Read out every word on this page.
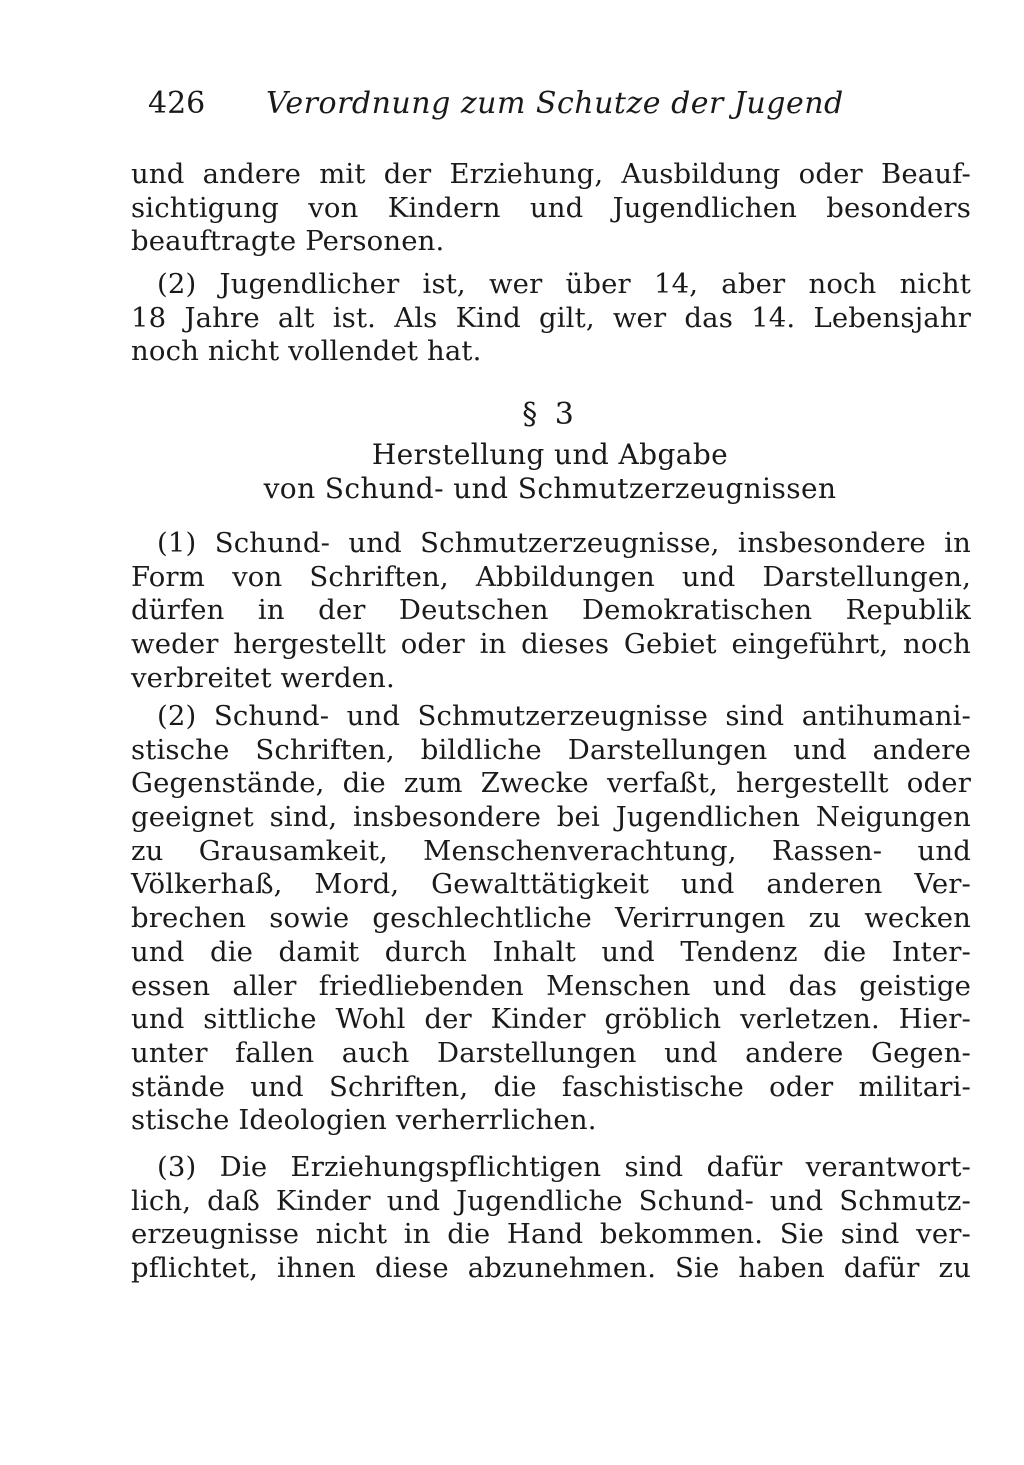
426 Verordnung zum Schutze der Jugend
und andere mit der Erziehung, Ausbildung oder Beauf-
sichtigung von Kindern und Jugendlichen besonders
beauftragte Personen.
(2) Jugendlicher ist, wer über 14, aber noch nicht
18 Jahre alt ist. Als Kind gilt, wer das 14. Lebensjahr
noch nicht vollendet hat.
§ 3
Herstellung und Abgabe
von Schund- und Schmutzerzeugnissen
(1) Schund- und Schmutzerzeugnisse, insbesondere in
Form von Schriften, Abbildungen und Darstellungen,
dürfen in der Deutschen Demokratischen Republik
weder hergestellt oder in dieses Gebiet eingeführt, noch
verbreitet werden.
(2) Schund- und Schmutzerzeugnisse sind antihumani-
stische Schriften, bildliche Darstellungen und andere
Gegenstände, die zum Zwecke verfaßt, hergestellt oder
geeignet sind, insbesondere bei Jugendlichen Neigungen
zu Grausamkeit, Menschenverachtung, Rassen- und
Völkerhaß, Mord, Gewalttätigkeit und anderen Ver-
brechen sowie geschlechtliche Verirrungen zu wecken
und die damit durch Inhalt und Tendenz die Inter-
essen aller friedliebenden Menschen und das geistige
und sittliche Wohl der Kinder gröblich verletzen. Hier-
unter fallen auch Darstellungen und andere Gegen-
stände und Schriften, die faschistische oder militari-
stische Ideologien verherrlichen.
(3) Die Erziehungspflichtigen sind dafür verantwort-
lich, daß Kinder und Jugendliche Schund- und Schmutz-
erzeugnisse nicht in die Hand bekommen. Sie sind ver-
pflichtet, ihnen diese abzunehmen. Sie haben dafür zu
